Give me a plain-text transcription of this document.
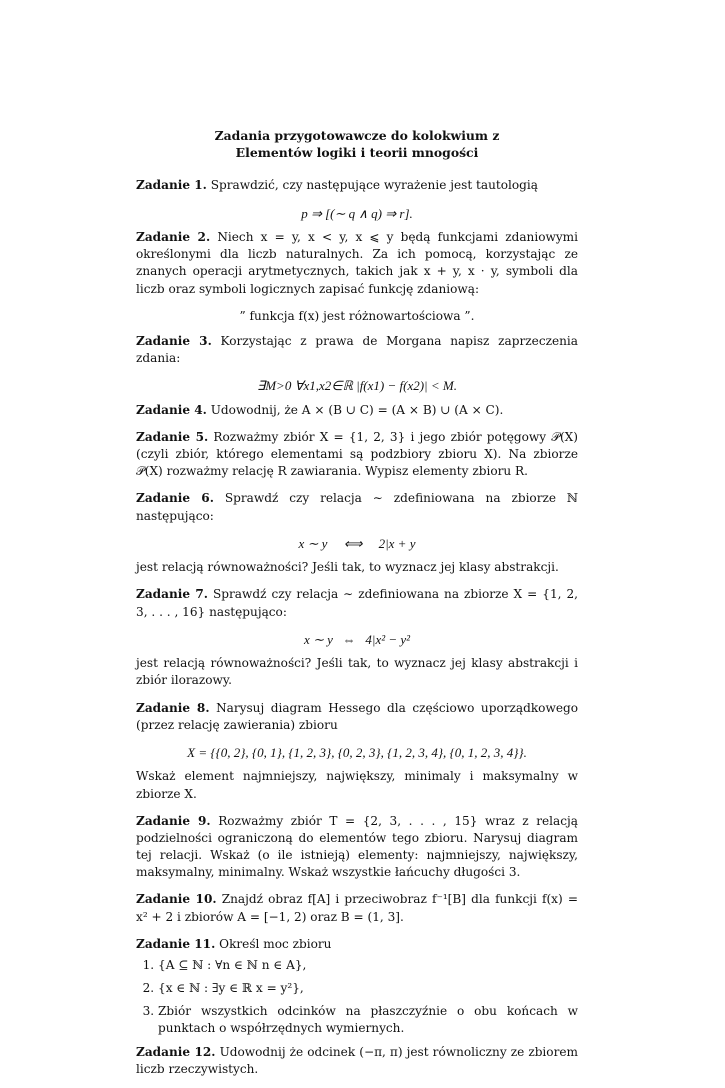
Zadania przygotowawcze do kolokwium z
Elementów logiki i teorii mnogości
Zadanie 1. Sprawdzić, czy następujące wyrażenie jest tautologią
p ⇒ [(∼ q ∧ q) ⇒ r].
Zadanie 2. Niech x = y, x < y, x ⩽ y będą funkcjami zdaniowymi określonymi dla liczb naturalnych. Za ich pomocą, korzystając ze znanych operacji arytmetycznych, takich jak x + y, x · y, symboli dla liczb oraz symboli logicznych zapisać funkcję zdaniową:
” funkcja f(x) jest różnowartościowa ”.
Zadanie 3. Korzystając z prawa de Morgana napisz zaprzeczenia zdania:
∃M>0 ∀x1,x2∈ℝ |f(x1) − f(x2)| < M.
Zadanie 4. Udowodnij, że A × (B ∪ C) = (A × B) ∪ (A × C).
Zadanie 5. Rozważmy zbiór X = {1, 2, 3} i jego zbiór potęgowy 𝒫(X) (czyli zbiór, którego elementami są podzbiory zbioru X). Na zbiorze 𝒫(X) rozważmy relację R zawiarania. Wypisz elementy zbioru R.
Zadanie 6. Sprawdź czy relacja ∼ zdefiniowana na zbiorze ℕ następująco:
x ∼ y     ⟺     2|x + y
jest relacją równoważności? Jeśli tak, to wyznacz jej klasy abstrakcji.
Zadanie 7. Sprawdź czy relacja ∼ zdefiniowana na zbiorze X = {1, 2, 3, . . . , 16} następująco:
x ∼ y   ⇔   4|x² − y²
jest relacją równoważności? Jeśli tak, to wyznacz jej klasy abstrakcji i zbiór ilorazowy.
Zadanie 8. Narysuj diagram Hessego dla częściowo uporządkowego (przez relację zawierania) zbioru
X = {{0, 2}, {0, 1}, {1, 2, 3}, {0, 2, 3}, {1, 2, 3, 4}, {0, 1, 2, 3, 4}}.
Wskaż element najmniejszy, największy, minimaly i maksymalny w zbiorze X.
Zadanie 9. Rozważmy zbiór T = {2, 3, . . . , 15} wraz z relacją podzielności ograniczoną do elementów tego zbioru. Narysuj diagram tej relacji. Wskaż (o ile istnieją) elementy: najmniejszy, największy, maksymalny, minimalny. Wskaż wszystkie łańcuchy długości 3.
Zadanie 10. Znajdź obraz f[A] i przeciwobraz f⁻¹[B] dla funkcji f(x) = x² + 2 i zbiorów A = [−1, 2) oraz B = (1, 3].
Zadanie 11. Określ moc zbioru
1. {A ⊆ ℕ : ∀n ∈ ℕ n ∈ A},
2. {x ∈ ℕ : ∃y ∈ ℝ x = y²},
3. Zbiór wszystkich odcinków na płaszczyźnie o obu końcach w punktach o współrzędnych wymiernych.
Zadanie 12. Udowodnij że odcinek (−π, π) jest równoliczny ze zbiorem liczb rzeczywistych.
